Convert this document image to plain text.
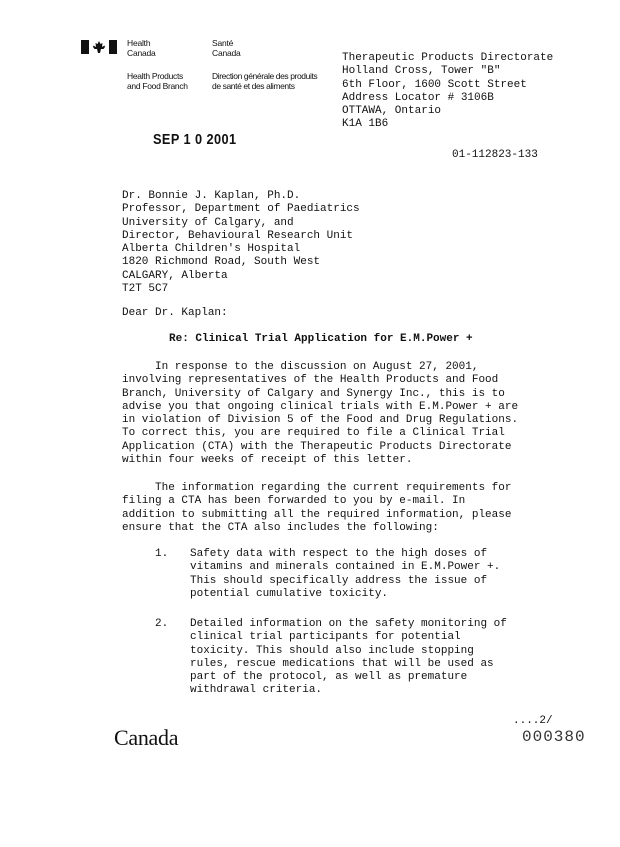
Health
Canada
Santé
Canada
Health Products
and Food Branch
Direction générale des produits
de santé et des aliments
Therapeutic Products Directorate
Holland Cross, Tower "B"
6th Floor, 1600 Scott Street
Address Locator # 3106B
OTTAWA, Ontario
K1A 1B6
SEP 1 0 2001
01-112823-133
Dr. Bonnie J. Kaplan, Ph.D.
Professor, Department of Paediatrics
University of Calgary, and
Director, Behavioural Research Unit
Alberta Children's Hospital
1820 Richmond Road, South West
CALGARY, Alberta
T2T 5C7
Dear Dr. Kaplan:
Re: Clinical Trial Application for E.M.Power +
In response to the discussion on August 27, 2001,
involving representatives of the Health Products and Food
Branch, University of Calgary and Synergy Inc., this is to
advise you that ongoing clinical trials with E.M.Power + are
in violation of Division 5 of the Food and Drug Regulations.
To correct this, you are required to file a Clinical Trial
Application (CTA) with the Therapeutic Products Directorate
within four weeks of receipt of this letter.
The information regarding the current requirements for
filing a CTA has been forwarded to you by e-mail. In
addition to submitting all the required information, please
ensure that the CTA also includes the following:
1. Safety data with respect to the high doses of
vitamins and minerals contained in E.M.Power +.
This should specifically address the issue of
potential cumulative toxicity.
2. Detailed information on the safety monitoring of
clinical trial participants for potential
toxicity. This should also include stopping
rules, rescue medications that will be used as
part of the protocol, as well as premature
withdrawal criteria.
....2/
Canada	000380
